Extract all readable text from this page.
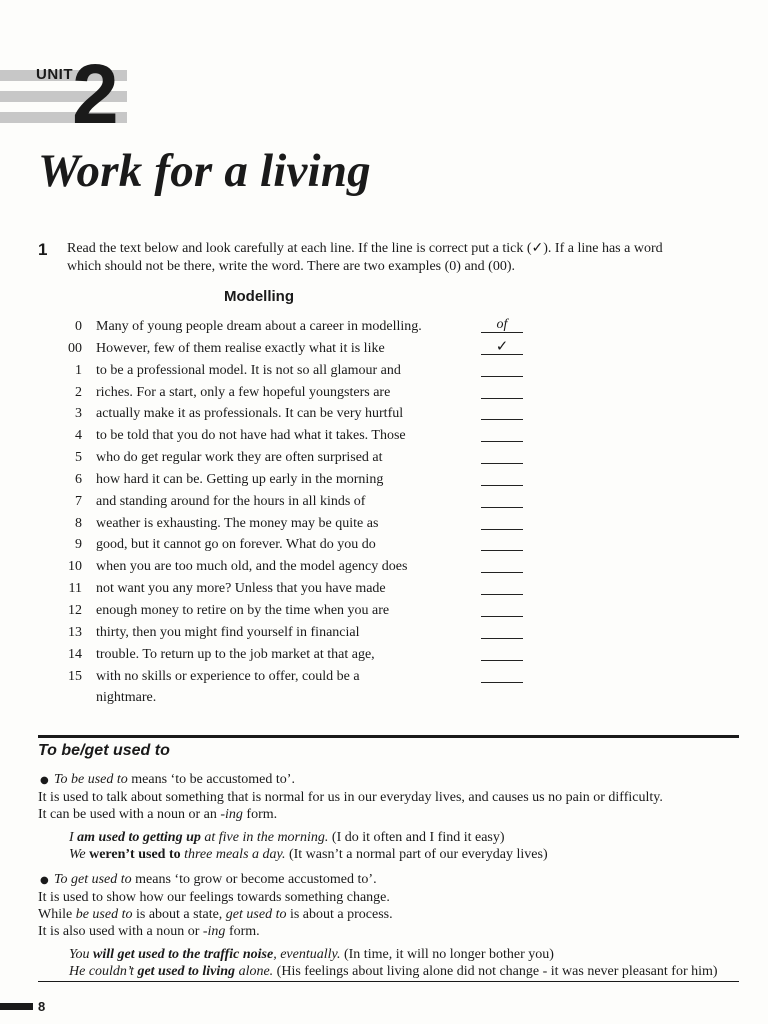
UNIT 2
Work for a living
1 Read the text below and look carefully at each line. If the line is correct put a tick (✓). If a line has a word
which should not be there, write the word. There are two examples (0) and (00).
Modelling
0 Many of young people dream about a career in modelling.	of
00 However, few of them realise exactly what it is like	✓
1 to be a professional model. It is not so all glamour and
2 riches. For a start, only a few hopeful youngsters are
3 actually make it as professionals. It can be very hurtful
4 to be told that you do not have had what it takes. Those
5 who do get regular work they are often surprised at
6 how hard it can be. Getting up early in the morning
7 and standing around for the hours in all kinds of
8 weather is exhausting. The money may be quite as
9 good, but it cannot go on forever. What do you do
10 when you are too much old, and the model agency does
11 not want you any more? Unless that you have made
12 enough money to retire on by the time when you are
13 thirty, then you might find yourself in financial
14 trouble. To return up to the job market at that age,
15 with no skills or experience to offer, could be a
nightmare.
To be/get used to

● To be used to means ‘to be accustomed to’.

It is used to talk about something that is normal for us in our everyday lives, and causes us no pain or difficulty.

It can be used with a noun or an -ing form.

I am used to getting up at five in the morning. (I do it often and I find it easy)

We weren’t used to three meals a day. (It wasn’t a normal part of our everyday lives)

● To get used to means ‘to grow or become accustomed to’.

It is used to show how our feelings towards something change.

While be used to is about a state, get used to is about a process.

It is also used with a noun or -ing form.

You will get used to the traffic noise, eventually. (In time, it will no longer bother you)

He couldn’t get used to living alone. (His feelings about living alone did not change - it was never pleasant for him)

8
